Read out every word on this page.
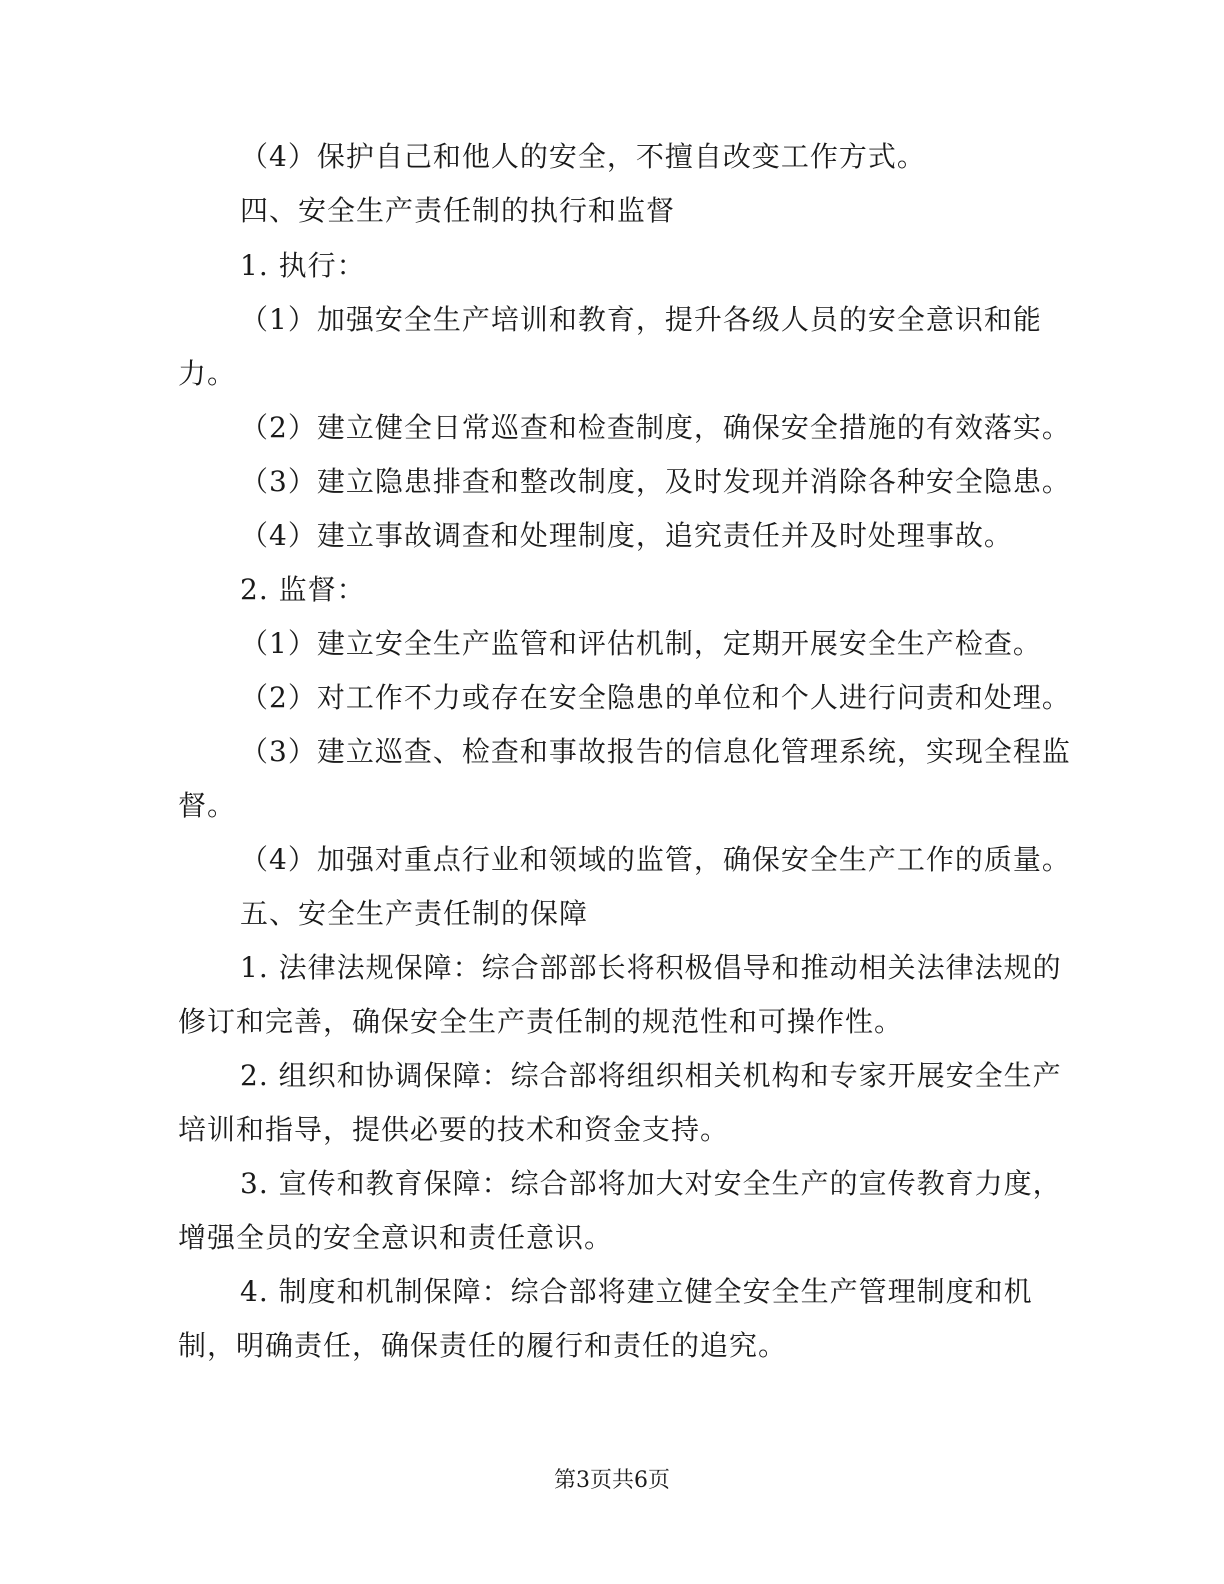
（4）保护自己和他人的安全，不擅自改变工作方式。
四、安全生产责任制的执行和监督
1. 执行：
（1）加强安全生产培训和教育，提升各级人员的安全意识和能
力。
（2）建立健全日常巡查和检查制度，确保安全措施的有效落实。
（3）建立隐患排查和整改制度，及时发现并消除各种安全隐患。
（4）建立事故调查和处理制度，追究责任并及时处理事故。
2. 监督：
（1）建立安全生产监管和评估机制，定期开展安全生产检查。
（2）对工作不力或存在安全隐患的单位和个人进行问责和处理。
（3）建立巡查、检查和事故报告的信息化管理系统，实现全程监
督。
（4）加强对重点行业和领域的监管，确保安全生产工作的质量。
五、安全生产责任制的保障
1. 法律法规保障：综合部部长将积极倡导和推动相关法律法规的
修订和完善，确保安全生产责任制的规范性和可操作性。
2. 组织和协调保障：综合部将组织相关机构和专家开展安全生产
培训和指导，提供必要的技术和资金支持。
3. 宣传和教育保障：综合部将加大对安全生产的宣传教育力度，
增强全员的安全意识和责任意识。
4. 制度和机制保障：综合部将建立健全安全生产管理制度和机
制，明确责任，确保责任的履行和责任的追究。
第3页共6页
